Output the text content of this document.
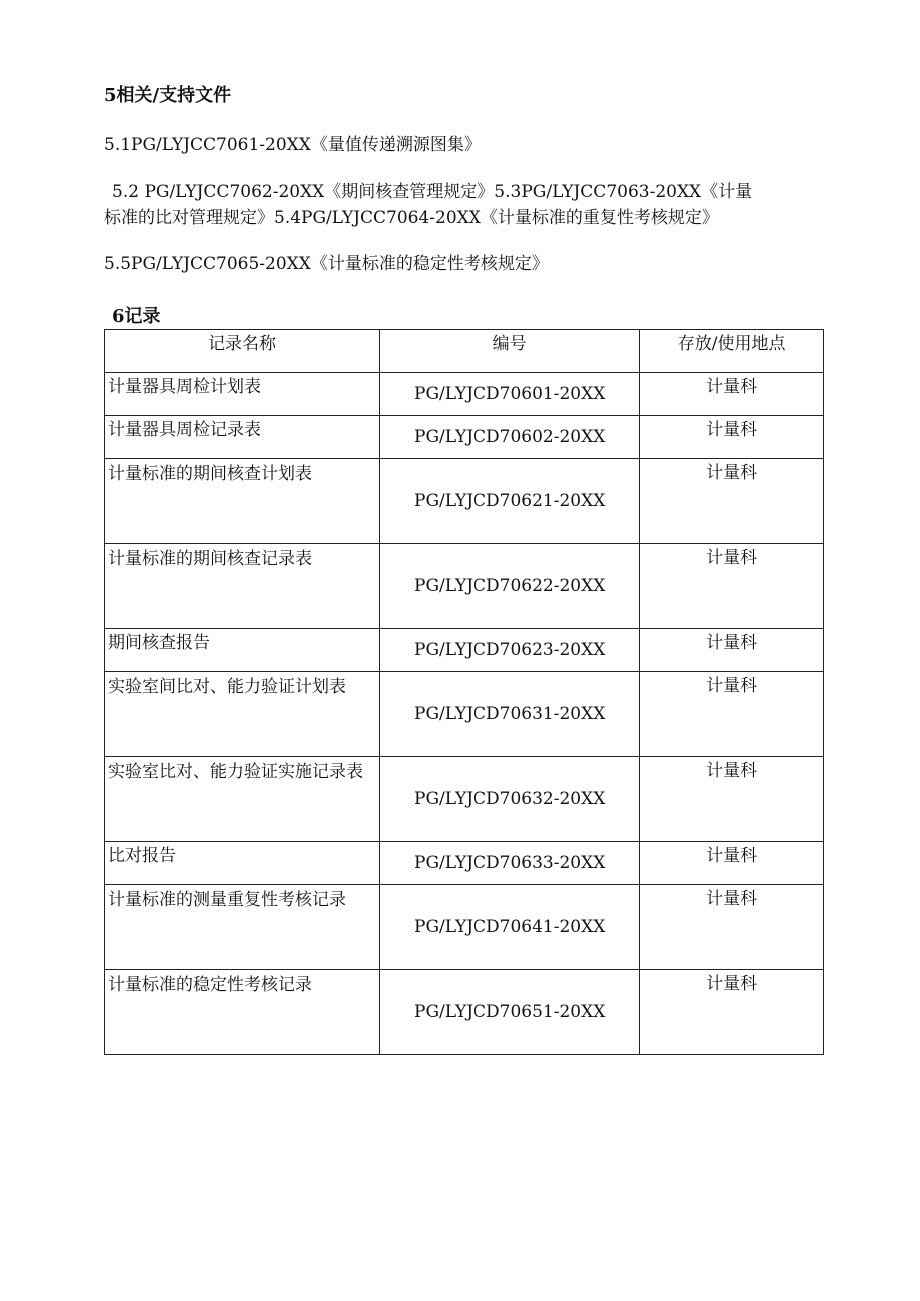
5相关/支持文件
5.1PG/LYJCC7061-20XX《量值传递溯源图集》
5.2 PG/LYJCC7062-20XX《期间核查管理规定》5.3PG/LYJCC7063-20XX《计量
标准的比对管理规定》5.4PG/LYJCC7064-20XX《计量标准的重复性考核规定》
5.5PG/LYJCC7065-20XX《计量标准的稳定性考核规定》
6记录
记录名称	编号	存放/使用地点

计量器具周检计划表	PG/LYJCD70601-20XX	计量科

计量器具周检记录表	PG/LYJCD70602-20XX	计量科

计量标准的期间核查计划表	PG/LYJCD70621-20XX	计量科

计量标准的期间核查记录表	PG/LYJCD70622-20XX	计量科

期间核查报告	PG/LYJCD70623-20XX	计量科

实验室间比对、能力验证计划表	PG/LYJCD70631-20XX	计量科

实验室比对、能力验证实施记录表	PG/LYJCD70632-20XX	计量科

比对报告	PG/LYJCD70633-20XX	计量科

计量标准的测量重复性考核记录	PG/LYJCD70641-20XX	计量科

计量标准的稳定性考核记录	PG/LYJCD70651-20XX	计量科
